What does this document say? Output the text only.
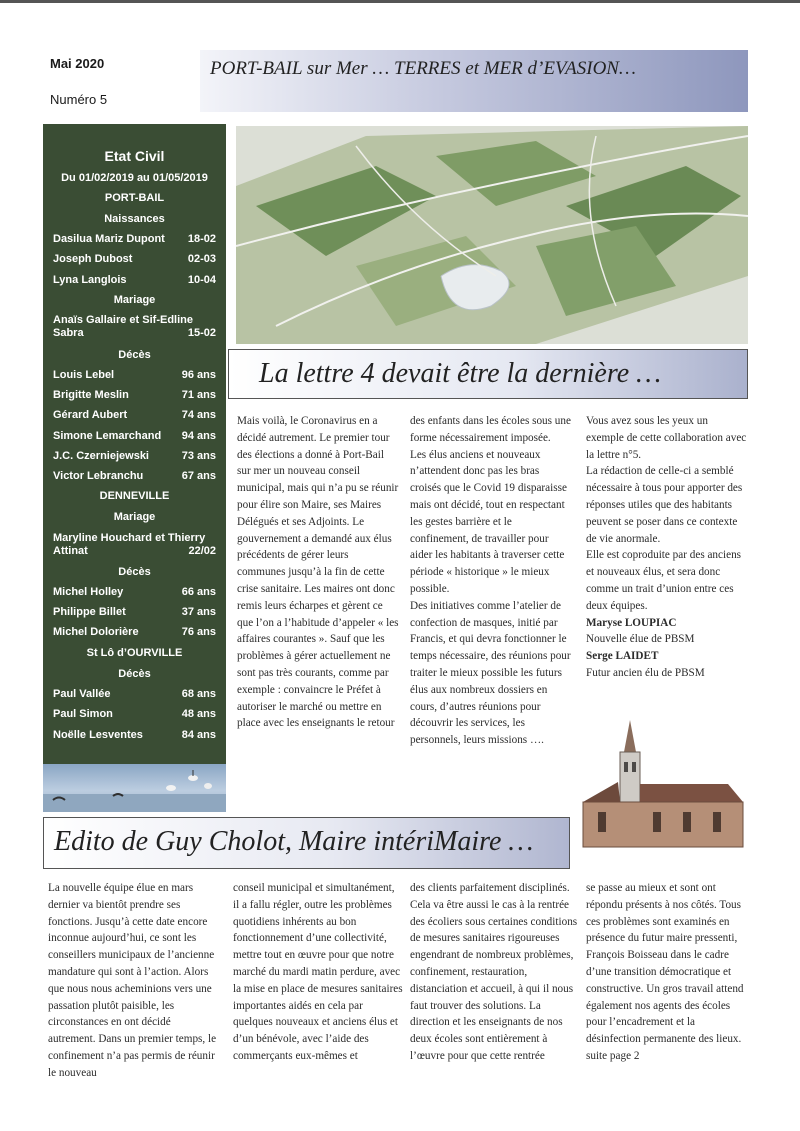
Mai 2020
Numéro 5
PORT-BAIL sur Mer … TERRES et MER d’EVASION…
Etat Civil
Du 01/02/2019 au 01/05/2019
PORT-BAIL
Naissances
Dasilua Mariz Dupont 18-02
Joseph Dubost	02-03
Lyna Langlois	10-04
Mariage
Anaïs Gallaire et Sif-Edline Sabra	15-02
Décès
Louis Lebel	96 ans
Brigitte Meslin	71 ans
Gérard Aubert	74 ans
Simone Lemarchand 94 ans
J.C. Czerniejewski	73 ans
Victor Lebranchu	67 ans
DENNEVILLE
Mariage
Maryline Houchard et Thierry Attinat	22/02
Décès
Michel Holley	66 ans
Philippe Billet	37 ans
Michel Dolorière	76 ans
St Lô d’OURVILLE
Décès
Paul Vallée	68 ans
Paul Simon	48 ans
Noëlle Lesventes	84 ans
La lettre 4 devait être la dernière …

Mais voilà, le Coronavirus en a décidé autrement. Le premier tour des élections a donné à Port-Bail sur mer un nouveau conseil municipal, mais qui n’a pu se réunir pour élire son Maire, ses Maires Délégués et ses Adjoints. Le gouvernement a demandé aux élus précédents de gérer leurs communes jusqu’à la fin de cette crise sanitaire. Les maires ont donc remis leurs écharpes et gèrent ce que l’on a l’habitude d’appeler « les affaires courantes ». Sauf que les problèmes à gérer actuellement ne sont pas très courants, comme par exemple : convaincre le Préfet à autoriser le marché ou mettre en place avec les enseignants le retour

des enfants dans les écoles sous une forme nécessairement imposée.

Les élus anciens et nouveaux n’attendent donc pas les bras croisés que le Covid 19 disparaisse mais ont décidé, tout en respectant les gestes barrière et le confinement, de travailler pour aider les habitants à traverser cette période « historique » le mieux possible.

Des initiatives comme l’atelier de confection de masques, initié par Francis, et qui devra fonctionner le temps nécessaire, des réunions pour traiter le mieux possible les futurs élus aux nombreux dossiers en cours, d’autres réunions pour découvrir les services, les personnels, leurs missions ….

Vous avez sous les yeux un exemple de cette collaboration avec la lettre n°5.

La rédaction de celle-ci a semblé nécessaire à tous pour apporter des réponses utiles que des habitants peuvent se poser dans ce contexte de vie anormale.

Elle est coproduite par des anciens et nouveaux élus, et sera donc comme un trait d’union entre ces deux équipes.

Maryse LOUPIAC

Nouvelle élue de PBSM

Serge LAIDET

Futur ancien élu de PBSM

Edito de Guy Cholot, Maire intériMaire …

La nouvelle équipe élue en mars dernier va bientôt prendre ses fonctions. Jusqu’à cette date encore inconnue aujourd’hui, ce sont les conseillers municipaux de l’ancienne mandature qui sont à l’action. Alors que nous nous acheminions vers une passation plutôt paisible, les circonstances en ont décidé autrement. Dans un premier temps, le confinement n’a pas permis de réunir le nouveau

conseil municipal et simultanément, il a fallu régler, outre les problèmes quotidiens inhérents au bon fonctionnement d’une collectivité, mettre tout en œuvre pour que notre marché du mardi matin perdure, avec la mise en place de mesures sanitaires importantes aidés en cela par quelques nouveaux et anciens élus et d’un bénévole, avec l’aide des commerçants eux-mêmes et

des clients parfaitement disciplinés. Cela va être aussi le cas à la rentrée des écoliers sous certaines conditions de mesures sanitaires rigoureuses engendrant de nombreux problèmes, confinement, restauration, distanciation et accueil, à qui il nous faut trouver des solutions. La direction et les enseignants de nos deux écoles sont entièrement à l’œuvre pour que cette rentrée

se passe au mieux et sont ont répondu présents à nos côtés. Tous ces problèmes sont examinés en présence du futur maire pressenti, François Boisseau dans le cadre d’une transition démocratique et constructive. Un gros travail attend également nos agents des écoles pour l’encadrement et la désinfection permanente des lieux.

suite page 2
